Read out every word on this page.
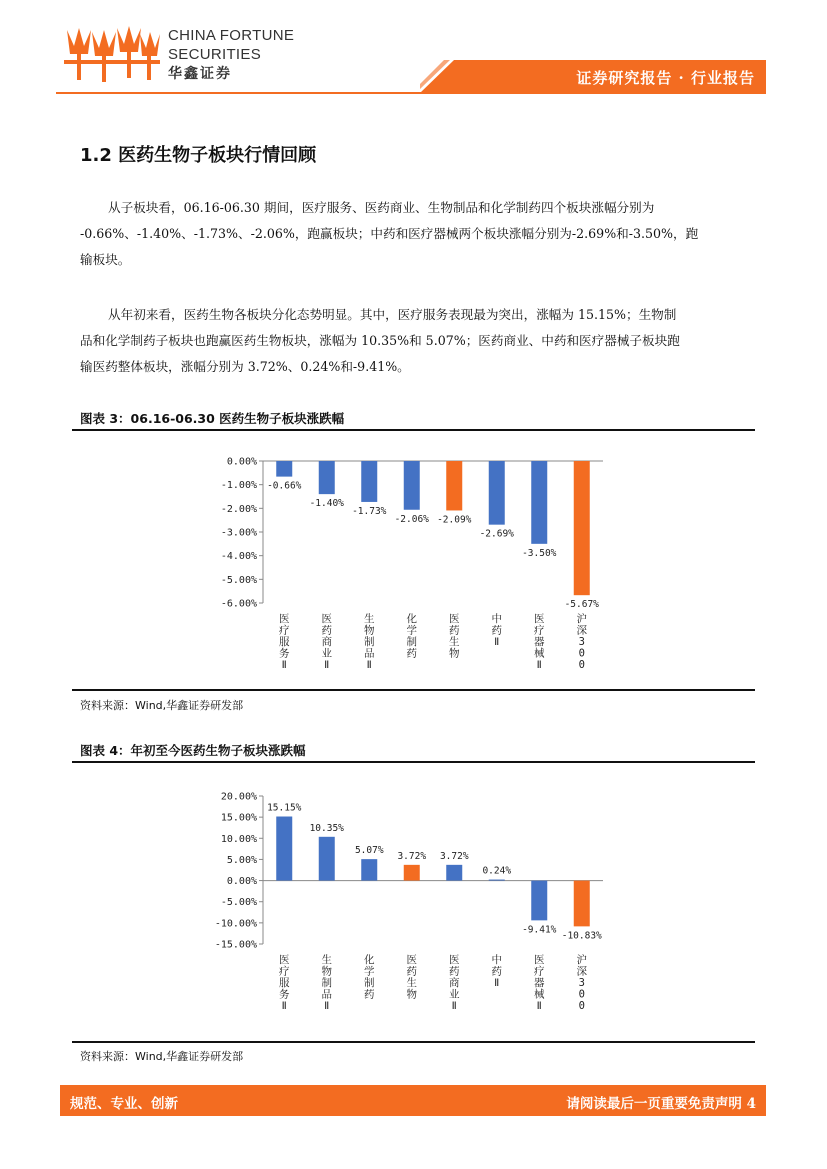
CHINA FORTUNE
SECURITIES
华鑫证券	证券研究报告 · 行业报告
1.2 医药生物子板块行情回顾
从子板块看，06.16-06.30 期间，医疗服务、医药商业、生物制品和化学制药四个板块涨幅分别为
-0.66%、-1.40%、-1.73%、-2.06%，跑赢板块；中药和医疗器械两个板块涨幅分别为-2.69%和-3.50%，跑
输板块。
从年初来看，医药生物各板块分化态势明显。其中，医疗服务表现最为突出，涨幅为 15.15%；生物制
品和化学制药子板块也跑赢医药生物板块，涨幅为 10.35%和 5.07%；医药商业、中药和医疗器械子板块跑
输医药整体板块，涨幅分别为 3.72%、0.24%和-9.41%。
图表 3：06.16-06.30 医药生物子板块涨跌幅
0.00%
-1.00%
-2.00%
-3.00%
-4.00%
-5.00%
-6.00%
-0.66%
医
疗
服
务
Ⅱ
-1.40%
医
药
商
业
Ⅱ
-1.73%
生
物
制
品
Ⅱ
-2.06%
化
学
制
药
-2.09%
医
药
生
物
-2.69%
中
药
Ⅱ
-3.50%
医
疗
器
械
Ⅱ
-5.67%
沪
深
3
0
0
资料来源：Wind,华鑫证券研发部
图表 4：年初至今医药生物子板块涨跌幅
20.00%
15.00%
10.00%
5.00%
0.00%
-5.00%
-10.00%
-15.00%
15.15%
医
疗
服
务
Ⅱ
10.35%
生
物
制
品
Ⅱ
5.07%
化
学
制
药
3.72%
医
药
生
物
3.72%
医
药
商
业
Ⅱ
0.24%
中
药
Ⅱ
-9.41%
医
疗
器
械
Ⅱ
-10.83%
沪
深
3
0
0
资料来源：Wind,华鑫证券研发部
规范、专业、创新	请阅读最后一页重要免责声明 4
